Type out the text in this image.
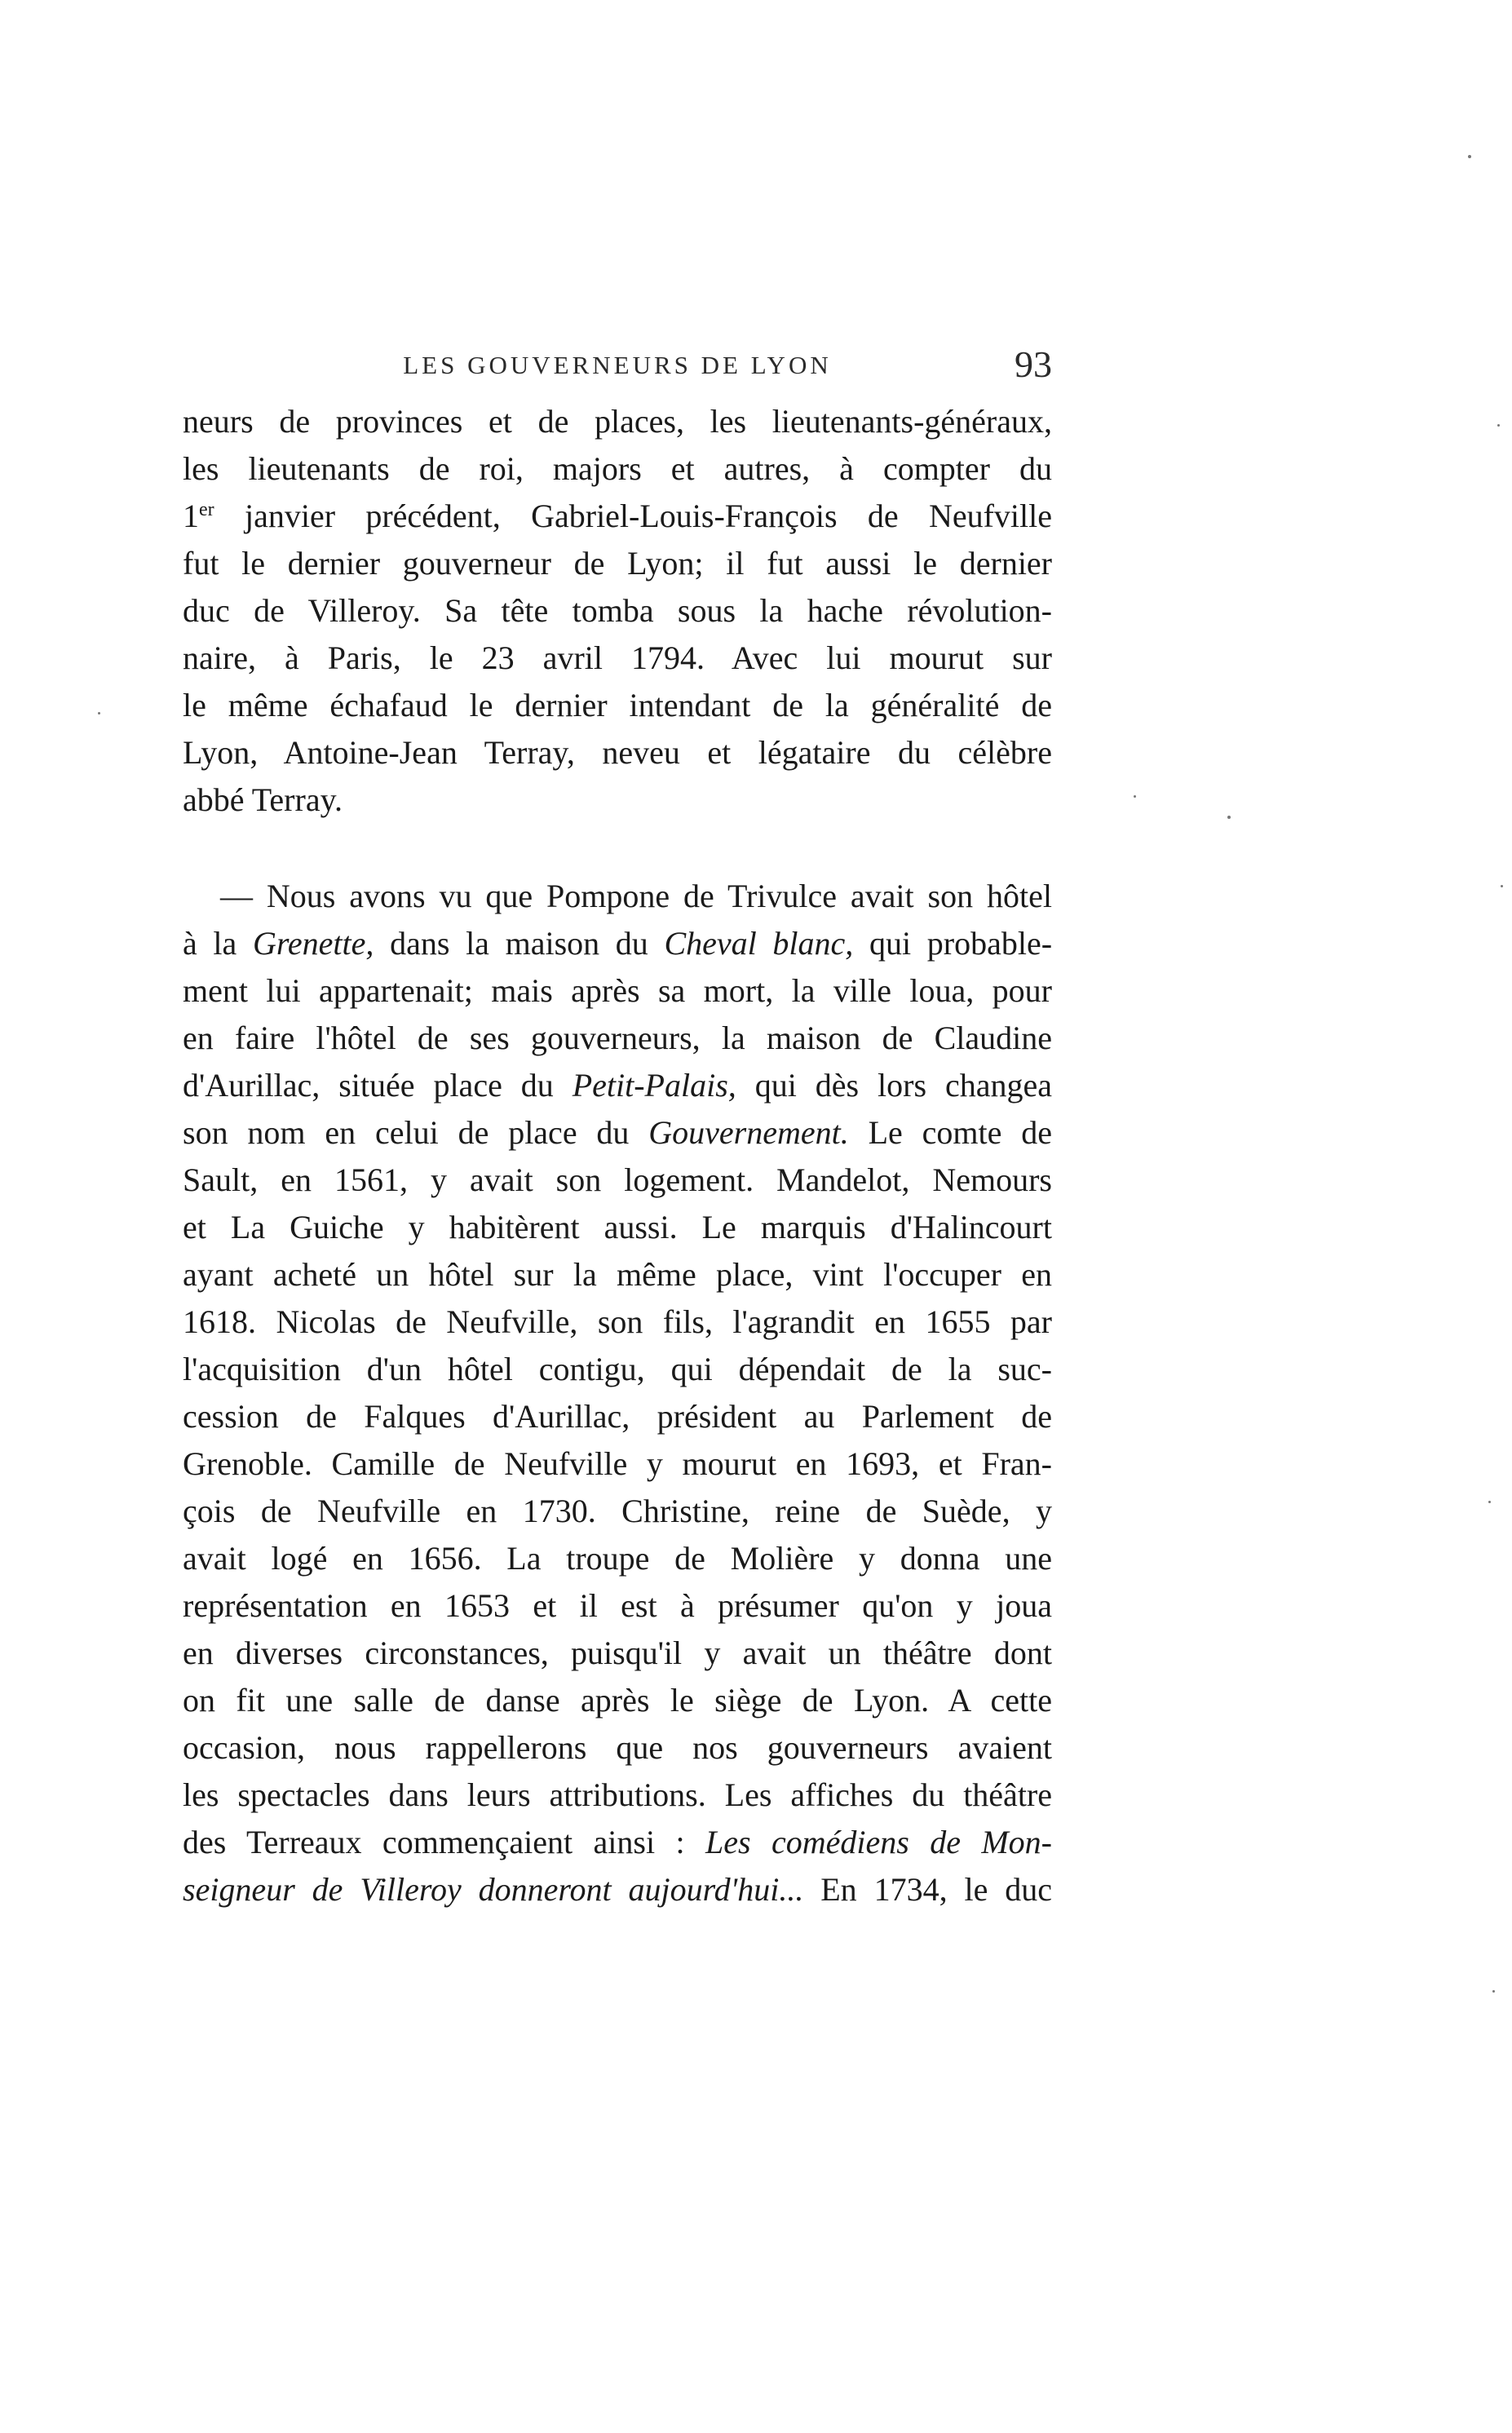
LES GOUVERNEURS DE LYON	93
neurs de provinces et de places, les lieutenants-généraux,
les lieutenants de roi, majors et autres, à compter du
1er janvier précédent, Gabriel-Louis-François de Neufville
fut le dernier gouverneur de Lyon; il fut aussi le dernier
duc de Villeroy. Sa tête tomba sous la hache révolution-
naire, à Paris, le 23 avril 1794. Avec lui mourut sur
le même échafaud le dernier intendant de la généralité de
Lyon, Antoine-Jean Terray, neveu et légataire du célèbre
abbé Terray.
— Nous avons vu que Pompone de Trivulce avait son hôtel
à la Grenette, dans la maison du Cheval blanc, qui probable-
ment lui appartenait; mais après sa mort, la ville loua, pour
en faire l'hôtel de ses gouverneurs, la maison de Claudine
d'Aurillac, située place du Petit-Palais, qui dès lors changea
son nom en celui de place du Gouvernement. Le comte de
Sault, en 1561, y avait son logement. Mandelot, Nemours
et La Guiche y habitèrent aussi. Le marquis d'Halincourt
ayant acheté un hôtel sur la même place, vint l'occuper en
1618. Nicolas de Neufville, son fils, l'agrandit en 1655 par
l'acquisition d'un hôtel contigu, qui dépendait de la suc-
cession de Falques d'Aurillac, président au Parlement de
Grenoble. Camille de Neufville y mourut en 1693, et Fran-
çois de Neufville en 1730. Christine, reine de Suède, y
avait logé en 1656. La troupe de Molière y donna une
représentation en 1653 et il est à présumer qu'on y joua
en diverses circonstances, puisqu'il y avait un théâtre dont
on fit une salle de danse après le siège de Lyon. A cette
occasion, nous rappellerons que nos gouverneurs avaient
les spectacles dans leurs attributions. Les affiches du théâtre
des Terreaux commençaient ainsi : Les comédiens de Mon-
seigneur de Villeroy donneront aujourd'hui... En 1734, le duc
